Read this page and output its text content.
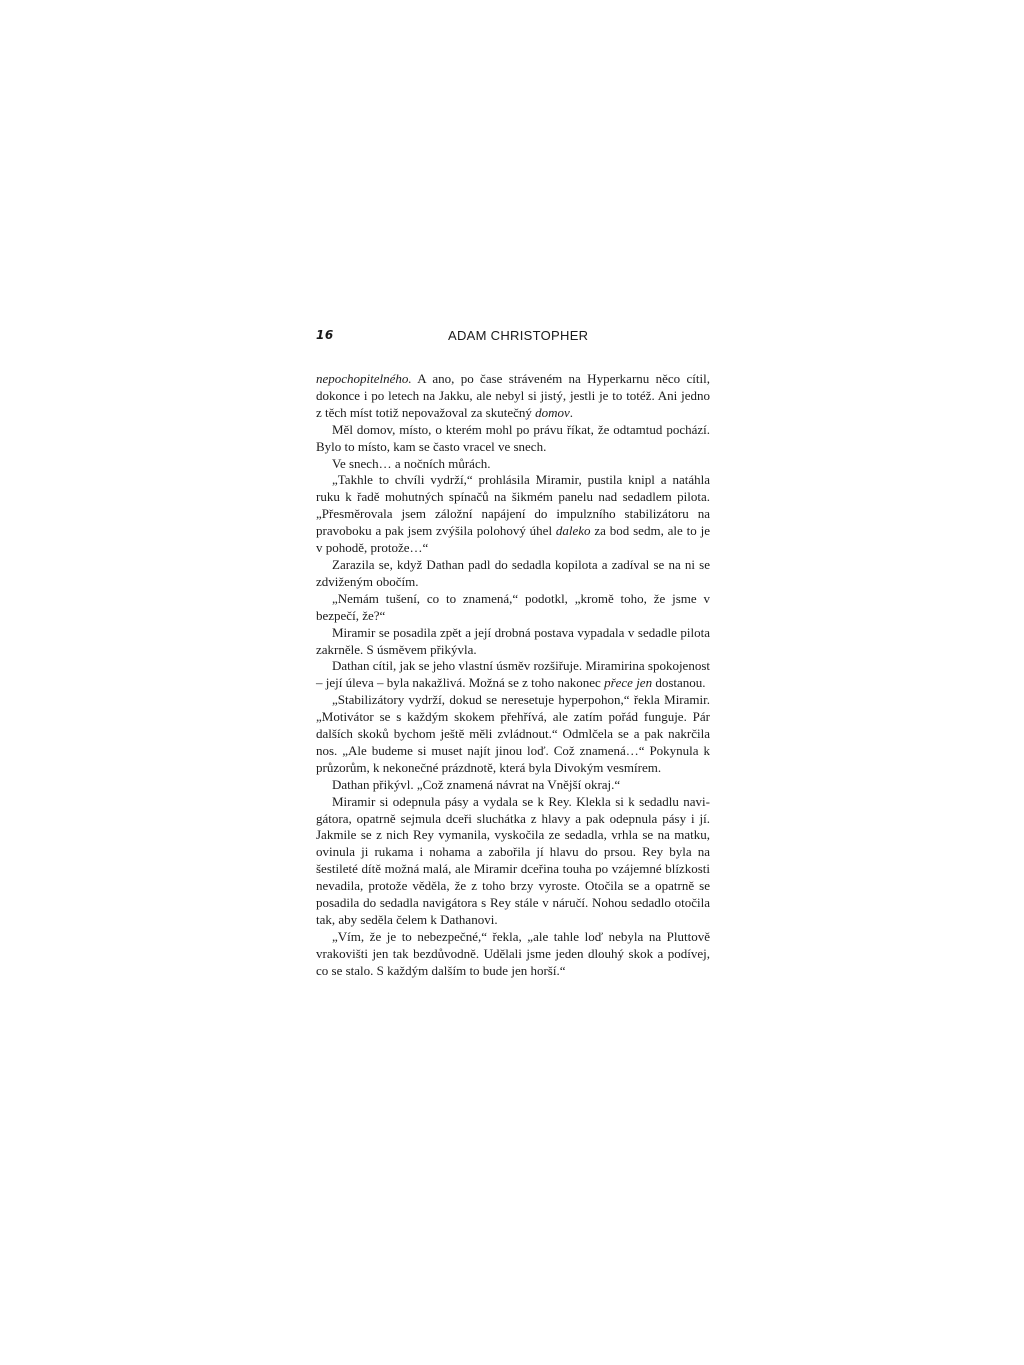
16	ADAM CHRISTOPHER

nepochopitelného. A ano, po čase stráveném na Hyperkarnu něco cítil, dokonce i po letech na Jakku, ale nebyl si jistý, jestli je to totéž. Ani jedno z těch míst totiž nepovažoval za skutečný domov.

Měl domov, místo, o kterém mohl po právu říkat, že odtamtud pochází. Bylo to místo, kam se často vracel ve snech.

Ve snech… a nočních můrách.

„Takhle to chvíli vydrží,“ prohlásila Miramir, pustila knipl a natáhla ruku k řadě mohutných spínačů na šikmém panelu nad sedadlem pilota. „Přesměrovala jsem záložní napájení do impulzního stabilizátoru na pravoboku a pak jsem zvýšila polohový úhel daleko za bod sedm, ale to je v pohodě, protože…“

Zarazila se, když Dathan padl do sedadla kopilota a zadíval se na ni se zdviženým obočím.

„Nemám tušení, co to znamená,“ podotkl, „kromě toho, že jsme v bezpečí, že?“

Miramir se posadila zpět a její drobná postava vypadala v sedadle pilota zakrněle. S úsměvem přikývla.

Dathan cítil, jak se jeho vlastní úsměv rozšiřuje. Miramirina spokojenost – její úleva – byla nakažlivá. Možná se z toho nakonec přece jen dostanou.

„Stabilizátory vydrží, dokud se neresetuje hyperpohon,“ řekla Miramir. „Motivátor se s každým skokem přehřívá, ale zatím pořád funguje. Pár dalších skoků bychom ještě měli zvládnout.“ Odmlčela se a pak nakrčila nos. „Ale budeme si muset najít jinou loď. Což znamená…“ Pokynula k průzorům, k nekonečné prázdnotě, která byla Divokým vesmírem.

Dathan přikývl. „Což znamená návrat na Vnější okraj.“

Miramir si odepnula pásy a vydala se k Rey. Klekla si k sedadlu navigátora, opatrně sejmula dceři sluchátka z hlavy a pak odepnula pásy i jí. Jakmile se z nich Rey vymanila, vyskočila ze sedadla, vrhla se na matku, ovinula ji rukama i nohama a zabořila jí hlavu do prsou. Rey byla na šestileté dítě možná malá, ale Miramir dceřina touha po vzájemné blízkosti nevadila, protože věděla, že z toho brzy vyroste. Otočila se a opatrně se posadila do sedadla navigátora s Rey stále v náručí. Nohou sedadlo otočila tak, aby seděla čelem k Dathanovi.

„Vím, že je to nebezpečné,“ řekla, „ale tahle loď nebyla na Pluttově vrakovišti jen tak bezdůvodně. Udělali jsme jeden dlouhý skok a podívej, co se stalo. S každým dalším to bude jen horší.“
